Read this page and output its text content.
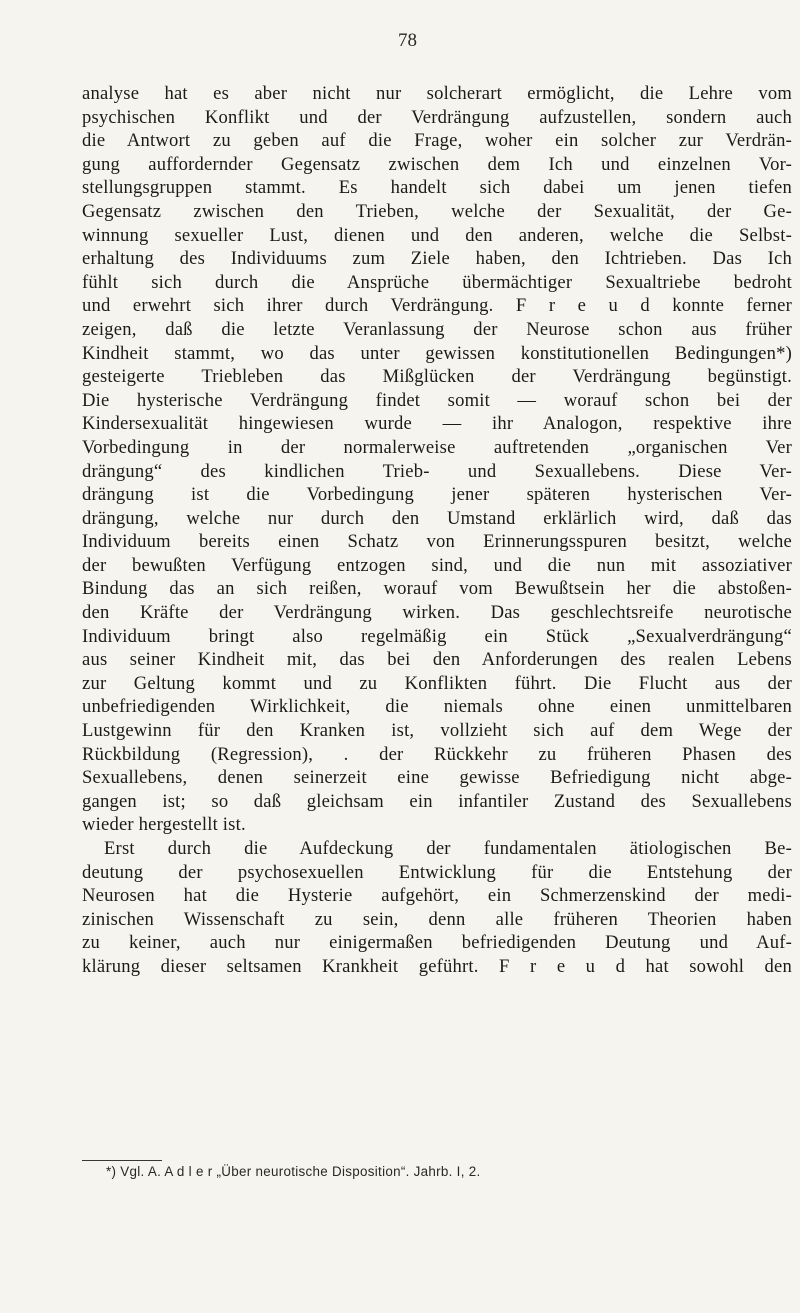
78
analyse hat es aber nicht nur solcherart ermöglicht, die Lehre vom
psychischen Konflikt und der Verdrängung aufzustellen, sondern auch
die Antwort zu geben auf die Frage, woher ein solcher zur Verdrän-
gung auffordernder Gegensatz zwischen dem Ich und einzelnen Vor-
stellungsgruppen stammt. Es handelt sich dabei um jenen tiefen
Gegensatz zwischen den Trieben, welche der Sexualität, der Ge-
winnung sexueller Lust, dienen und den anderen, welche die Selbst-
erhaltung des Individuums zum Ziele haben, den Ichtrieben. Das Ich
fühlt sich durch die Ansprüche übermächtiger Sexualtriebe bedroht
und erwehrt sich ihrer durch Verdrängung. F r e u d konnte ferner
zeigen, daß die letzte Veranlassung der Neurose schon aus früher
Kindheit stammt, wo das unter gewissen konstitutionellen Bedingungen*)
gesteigerte Triebleben das Mißglücken der Verdrängung begünstigt.
Die hysterische Verdrängung findet somit — worauf schon bei der
Kindersexualität hingewiesen wurde — ihr Analogon, respektive ihre
Vorbedingung in der normalerweise auftretenden „organischen Ver
drängung“ des kindlichen Trieb- und Sexuallebens. Diese Ver-
drängung ist die Vorbedingung jener späteren hysterischen Ver-
drängung, welche nur durch den Umstand erklärlich wird, daß das
Individuum bereits einen Schatz von Erinnerungsspuren besitzt, welche
der bewußten Verfügung entzogen sind, und die nun mit assoziativer
Bindung das an sich reißen, worauf vom Bewußtsein her die abstoßen-
den Kräfte der Verdrängung wirken. Das geschlechtsreife neurotische
Individuum bringt also regelmäßig ein Stück „Sexualverdrängung“
aus seiner Kindheit mit, das bei den Anforderungen des realen Lebens
zur Geltung kommt und zu Konflikten führt. Die Flucht aus der
unbefriedigenden Wirklichkeit, die niemals ohne einen unmittelbaren
Lustgewinn für den Kranken ist, vollzieht sich auf dem Wege der
Rückbildung (Regression), . der Rückkehr zu früheren Phasen des
Sexuallebens, denen seinerzeit eine gewisse Befriedigung nicht abge-
gangen ist; so daß gleichsam ein infantiler Zustand des Sexuallebens
wieder hergestellt ist.
Erst durch die Aufdeckung der fundamentalen ätiologischen Be-
deutung der psychosexuellen Entwicklung für die Entstehung der
Neurosen hat die Hysterie aufgehört, ein Schmerzenskind der medi-
zinischen Wissenschaft zu sein, denn alle früheren Theorien haben
zu keiner, auch nur einigermaßen befriedigenden Deutung und Auf-
klärung dieser seltsamen Krankheit geführt. F r e u d hat sowohl den
*) Vgl. A. A d l e r „Über neurotische Disposition“. Jahrb. I, 2.
